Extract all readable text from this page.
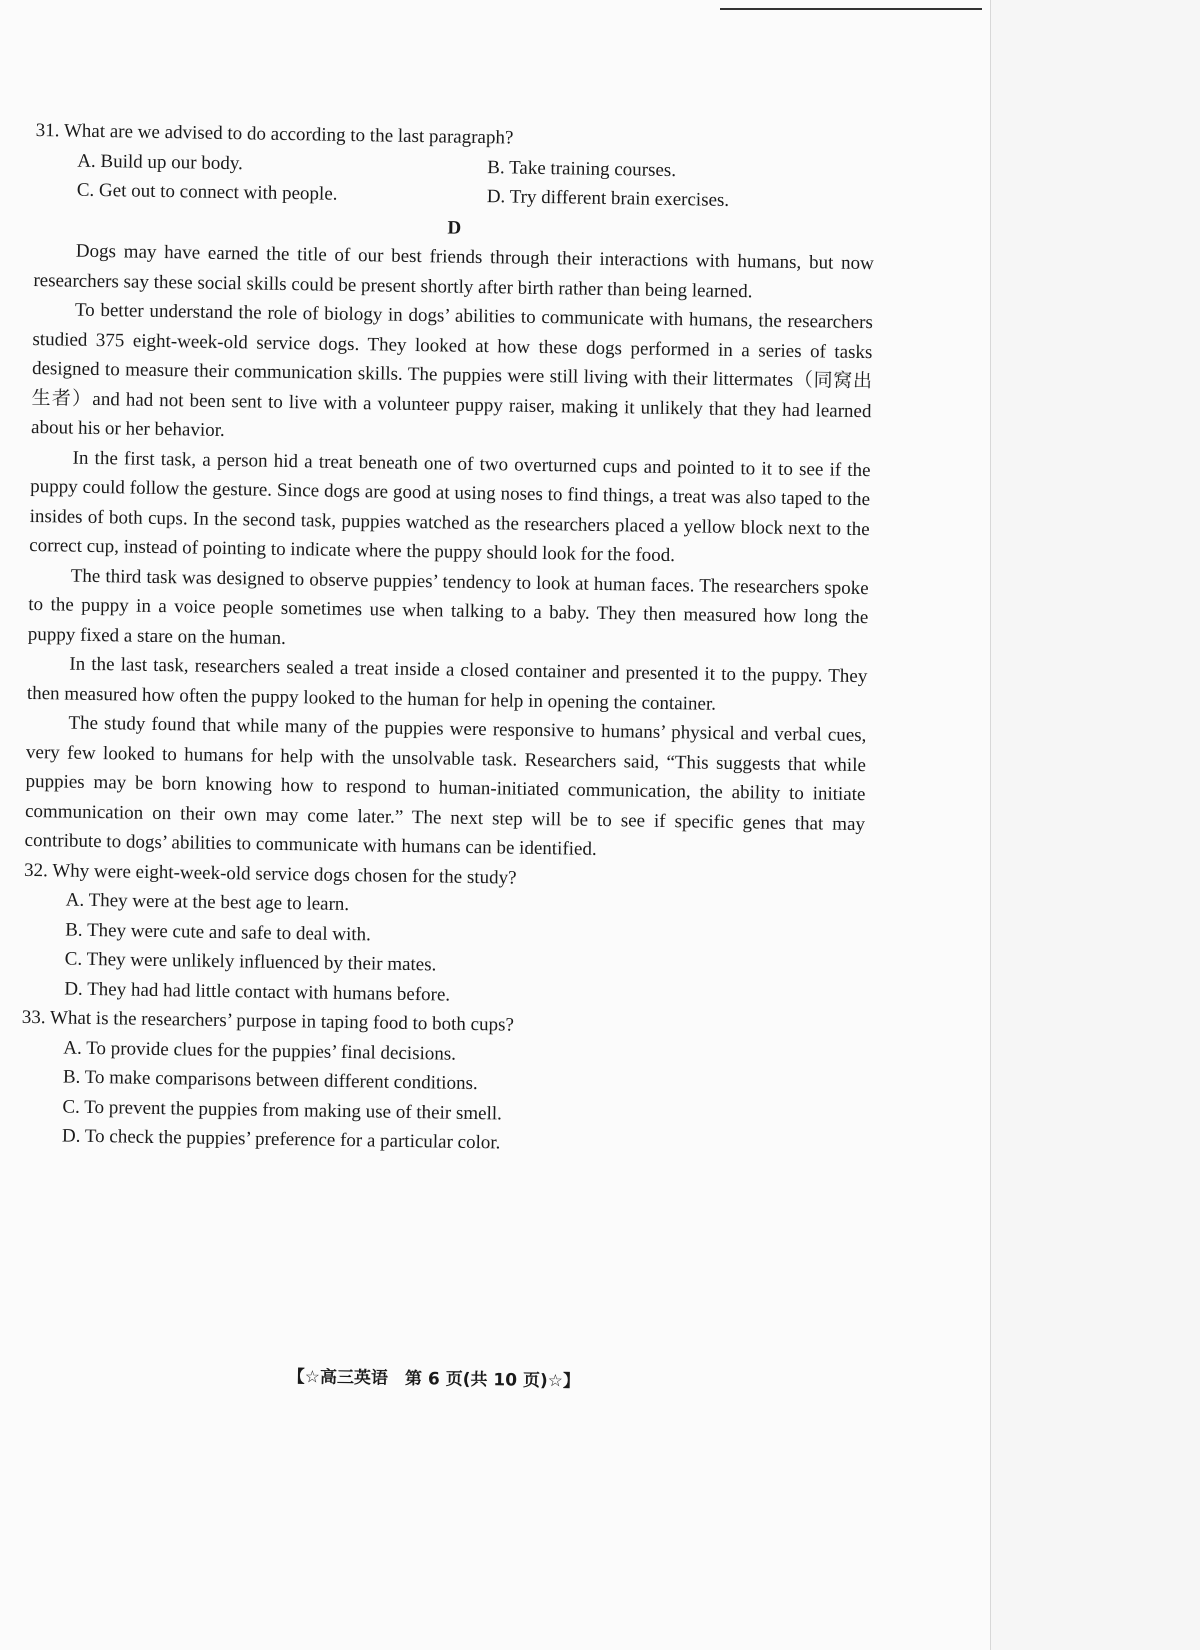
31. What are we advised to do according to the last paragraph?

A. Build up our body.	B. Take training courses.

C. Get out to connect with people.	D. Try different brain exercises.

D

Dogs may have earned the title of our best friends through their interactions with humans, but now researchers say these social skills could be present shortly after birth rather than being learned.

To better understand the role of biology in dogs’ abilities to communicate with humans, the researchers studied 375 eight-week-old service dogs. They looked at how these dogs performed in a series of tasks designed to measure their communication skills. The puppies were still living with their littermates（同窝出生者）and had not been sent to live with a volunteer puppy raiser, making it unlikely that they had learned about his or her behavior.

In the first task, a person hid a treat beneath one of two overturned cups and pointed to it to see if the puppy could follow the gesture. Since dogs are good at using noses to find things, a treat was also taped to the insides of both cups. In the second task, puppies watched as the researchers placed a yellow block next to the correct cup, instead of pointing to indicate where the puppy should look for the food.

The third task was designed to observe puppies’ tendency to look at human faces. The researchers spoke to the puppy in a voice people sometimes use when talking to a baby. They then measured how long the puppy fixed a stare on the human.

In the last task, researchers sealed a treat inside a closed container and presented it to the puppy. They then measured how often the puppy looked to the human for help in opening the container.

The study found that while many of the puppies were responsive to humans’ physical and verbal cues, very few looked to humans for help with the unsolvable task. Researchers said, “This suggests that while puppies may be born knowing how to respond to human-initiated communication, the ability to initiate communication on their own may come later.” The next step will be to see if specific genes that may contribute to dogs’ abilities to communicate with humans can be identified.

32. Why were eight-week-old service dogs chosen for the study?

A. They were at the best age to learn.

B. They were cute and safe to deal with.

C. They were unlikely influenced by their mates.

D. They had had little contact with humans before.

33. What is the researchers’ purpose in taping food to both cups?

A. To provide clues for the puppies’ final decisions.

B. To make comparisons between different conditions.

C. To prevent the puppies from making use of their smell.

D. To check the puppies’ preference for a particular color.

【☆高三英语　第 6 页(共 10 页)☆】
